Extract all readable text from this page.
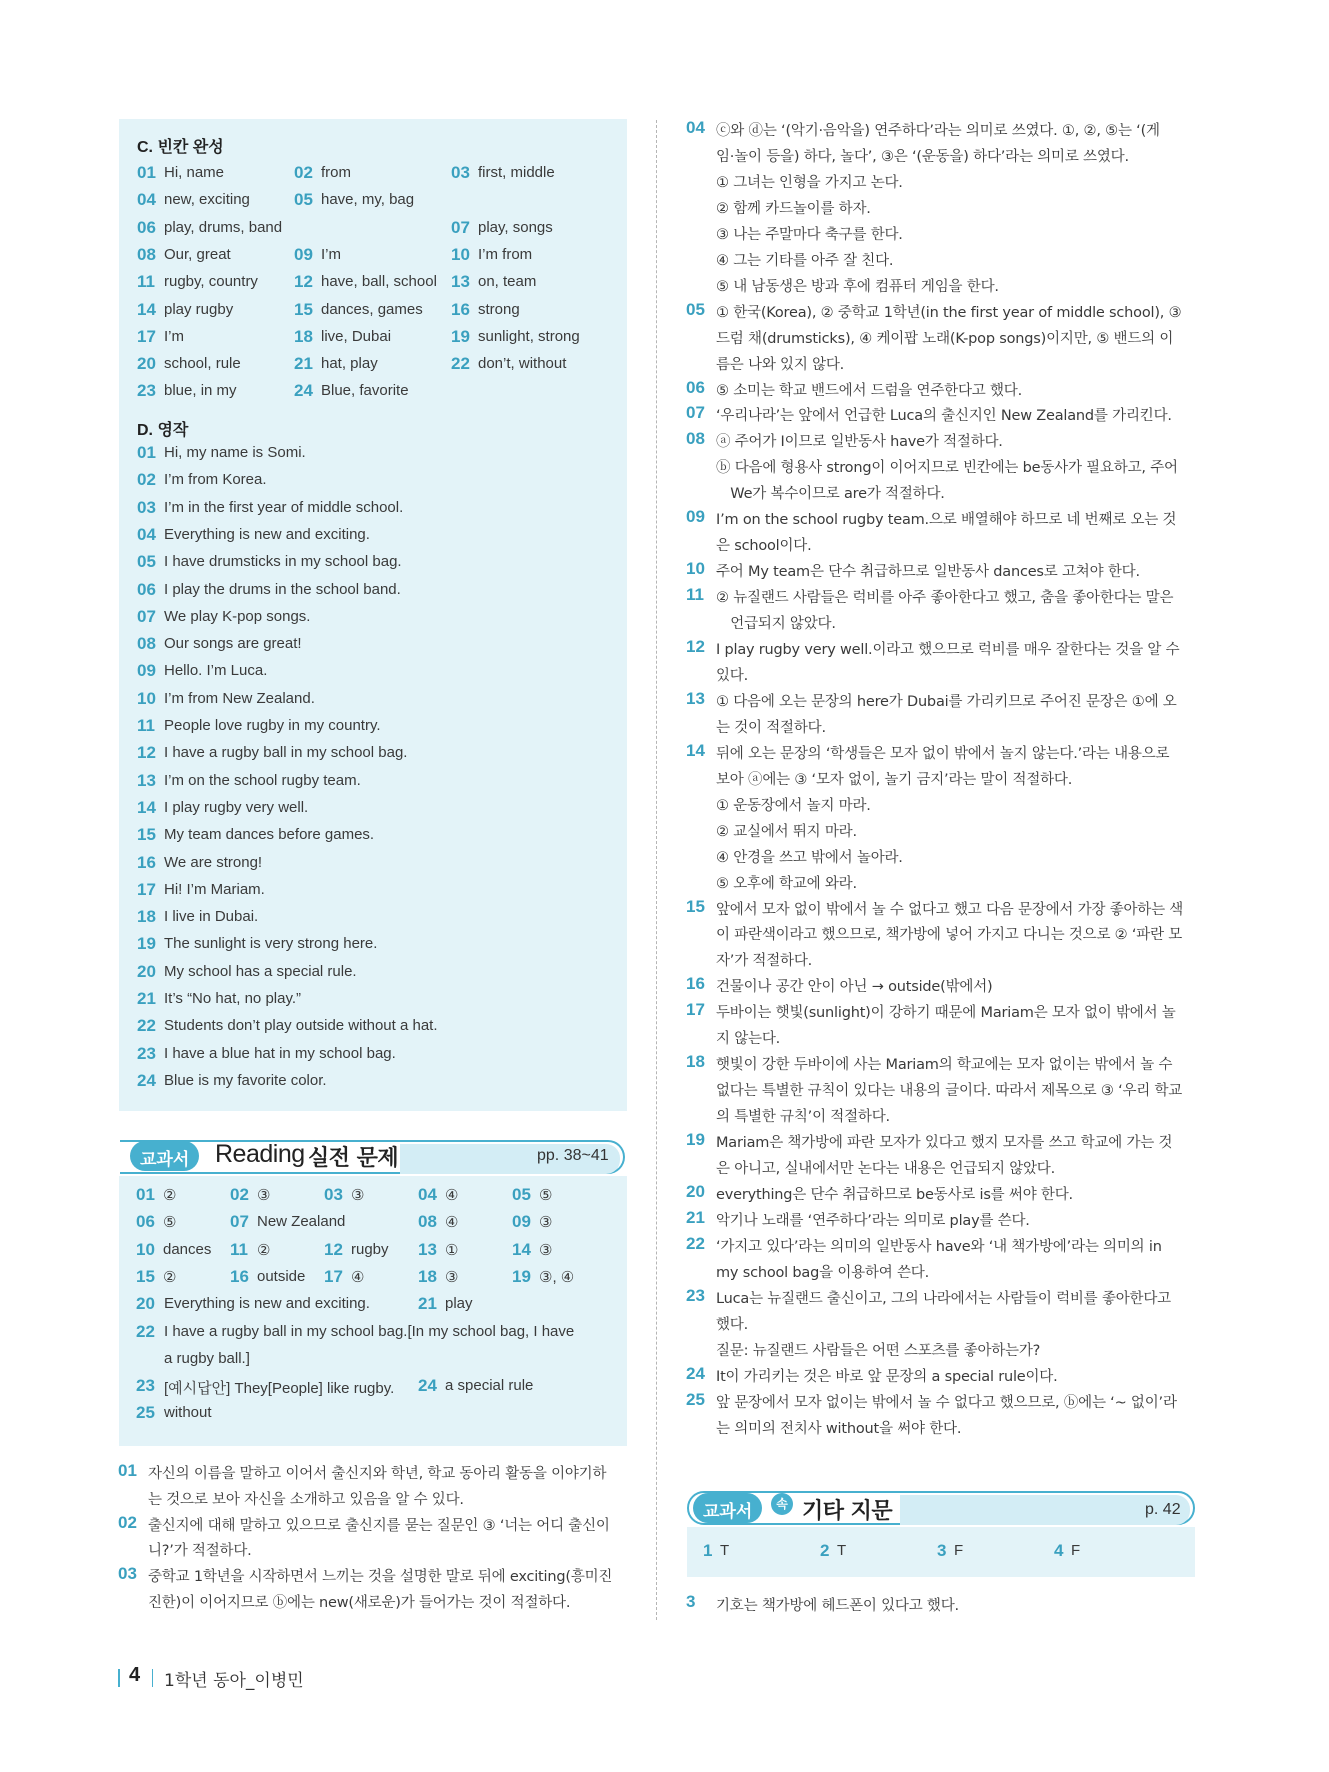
C. 빈칸 완성
01 Hi, name	02 from	03 first, middle
04 new, exciting	05 have, my, bag
06 play, drums, band	07 play, songs
08 Our, great	09 I’m	10 I’m from
11 rugby, country 12 have, ball, school 13 on, team
14 play rugby	15 dances, games 16 strong
17 I’m	18 live, Dubai	19 sunlight, strong
20 school, rule	21 hat, play	22 don’t, without
23 blue, in my	24 Blue, favorite
D. 영작
01 Hi, my name is Somi.
02 I’m from Korea.
03 I’m in the first year of middle school.
04 Everything is new and exciting.
05 I have drumsticks in my school bag.
06 I play the drums in the school band.
07 We play K-pop songs.
08 Our songs are great!
09 Hello. I’m Luca.
10 I’m from New Zealand.
11 People love rugby in my country.
12 I have a rugby ball in my school bag.
13 I’m on the school rugby team.
14 I play rugby very well.
15 My team dances before games.
16 We are strong!
17 Hi! I’m Mariam.
18 I live in Dubai.
19 The sunlight is very strong here.
20 My school has a special rule.
21 It’s “No hat, no play.”
22 Students don’t play outside without a hat.
23 I have a blue hat in my school bag.
24 Blue is my favorite color.
교과서	Reading 실전 문제	pp. 38~41
01 ②	02 ③	03 ③	04 ④	05 ⑤
06 ⑤	07 New Zealand	08 ④	09 ③
10 dances 11 ②	12 rugby 13 ①	14 ③
15 ②	16 outside 17 ④	18 ③	19 ③, ④
20 Everything is new and exciting.	21 play
22 I have a rugby ball in my school bag.[In my school bag, I have
a rugby ball.]
23 [예시답안] They[People] like rugby. 24 a special rule
25 without
01 자신의 이름을 말하고 이어서 출신지와 학년, 학교 동아리 활동을 이야기하
는 것으로 보아 자신을 소개하고 있음을 알 수 있다.
02 출신지에 대해 말하고 있으므로 출신지를 묻는 질문인 ③ ‘너는 어디 출신이
니?’가 적절하다.
03 중학교 1학년을 시작하면서 느끼는 것을 설명한 말로 뒤에 exciting(흥미진
진한)이 이어지므로 ⓑ에는 new(새로운)가 들어가는 것이 적절하다.
04 ⓒ와 ⓓ는 ‘(악기·음악을) 연주하다’라는 의미로 쓰였다. ①, ②, ⑤는 ‘(게
임·놀이 등을) 하다, 놀다’, ③은 ‘(운동을) 하다’라는 의미로 쓰였다.
① 그녀는 인형을 가지고 논다.
② 함께 카드놀이를 하자.
③ 나는 주말마다 축구를 한다.
④ 그는 기타를 아주 잘 친다.
⑤ 내 남동생은 방과 후에 컴퓨터 게임을 한다.
05 ① 한국(Korea), ② 중학교 1학년(in the first year of middle school), ③
드럼 채(drumsticks), ④ 케이팝 노래(K-pop songs)이지만, ⑤ 밴드의 이
름은 나와 있지 않다.
06 ⑤ 소미는 학교 밴드에서 드럼을 연주한다고 했다.
07 ‘우리나라’는 앞에서 언급한 Luca의 출신지인 New Zealand를 가리킨다.
08 ⓐ 주어가 I이므로 일반동사 have가 적절하다.
ⓑ 다음에 형용사 strong이 이어지므로 빈칸에는 be동사가 필요하고, 주어
　We가 복수이므로 are가 적절하다.
09 I’m on the school rugby team.으로 배열해야 하므로 네 번째로 오는 것
은 school이다.
10 주어 My team은 단수 취급하므로 일반동사 dances로 고쳐야 한다.
11 ② 뉴질랜드 사람들은 럭비를 아주 좋아한다고 했고, 춤을 좋아한다는 말은
　언급되지 않았다.
12 I play rugby very well.이라고 했으므로 럭비를 매우 잘한다는 것을 알 수
있다.
13 ① 다음에 오는 문장의 here가 Dubai를 가리키므로 주어진 문장은 ①에 오
는 것이 적절하다.
14 뒤에 오는 문장의 ‘학생들은 모자 없이 밖에서 놀지 않는다.’라는 내용으로
보아 ⓐ에는 ③ ‘모자 없이, 놀기 금지’라는 말이 적절하다.
① 운동장에서 놀지 마라.
② 교실에서 뛰지 마라.
④ 안경을 쓰고 밖에서 놀아라.
⑤ 오후에 학교에 와라.
15 앞에서 모자 없이 밖에서 놀 수 없다고 했고 다음 문장에서 가장 좋아하는 색
이 파란색이라고 했으므로, 책가방에 넣어 가지고 다니는 것으로 ② ‘파란 모
자’가 적절하다.
16 건물이나 공간 안이 아닌 → outside(밖에서)
17 두바이는 햇빛(sunlight)이 강하기 때문에 Mariam은 모자 없이 밖에서 놀
지 않는다.
18 햇빛이 강한 두바이에 사는 Mariam의 학교에는 모자 없이는 밖에서 놀 수
없다는 특별한 규칙이 있다는 내용의 글이다. 따라서 제목으로 ③ ‘우리 학교
의 특별한 규칙’이 적절하다.
19 Mariam은 책가방에 파란 모자가 있다고 했지 모자를 쓰고 학교에 가는 것
은 아니고, 실내에서만 논다는 내용은 언급되지 않았다.
20 everything은 단수 취급하므로 be동사로 is를 써야 한다.
21 악기나 노래를 ‘연주하다’라는 의미로 play를 쓴다.
22 ‘가지고 있다’라는 의미의 일반동사 have와 ‘내 책가방에’라는 의미의 in
my school bag을 이용하여 쓴다.
23 Luca는 뉴질랜드 출신이고, 그의 나라에서는 사람들이 럭비를 좋아한다고
했다.
질문: 뉴질랜드 사람들은 어떤 스포츠를 좋아하는가?
24 It이 가리키는 것은 바로 앞 문장의 a special rule이다.
25 앞 문장에서 모자 없이는 밖에서 놀 수 없다고 했으므로, ⓑ에는 ‘~ 없이’라
는 의미의 전치사 without을 써야 한다.
교과서	속 기타 지문	p. 42
1 T	2 T	3 F	4 F
3 기호는 책가방에 헤드폰이 있다고 했다.
4 1학년 동아_이병민
